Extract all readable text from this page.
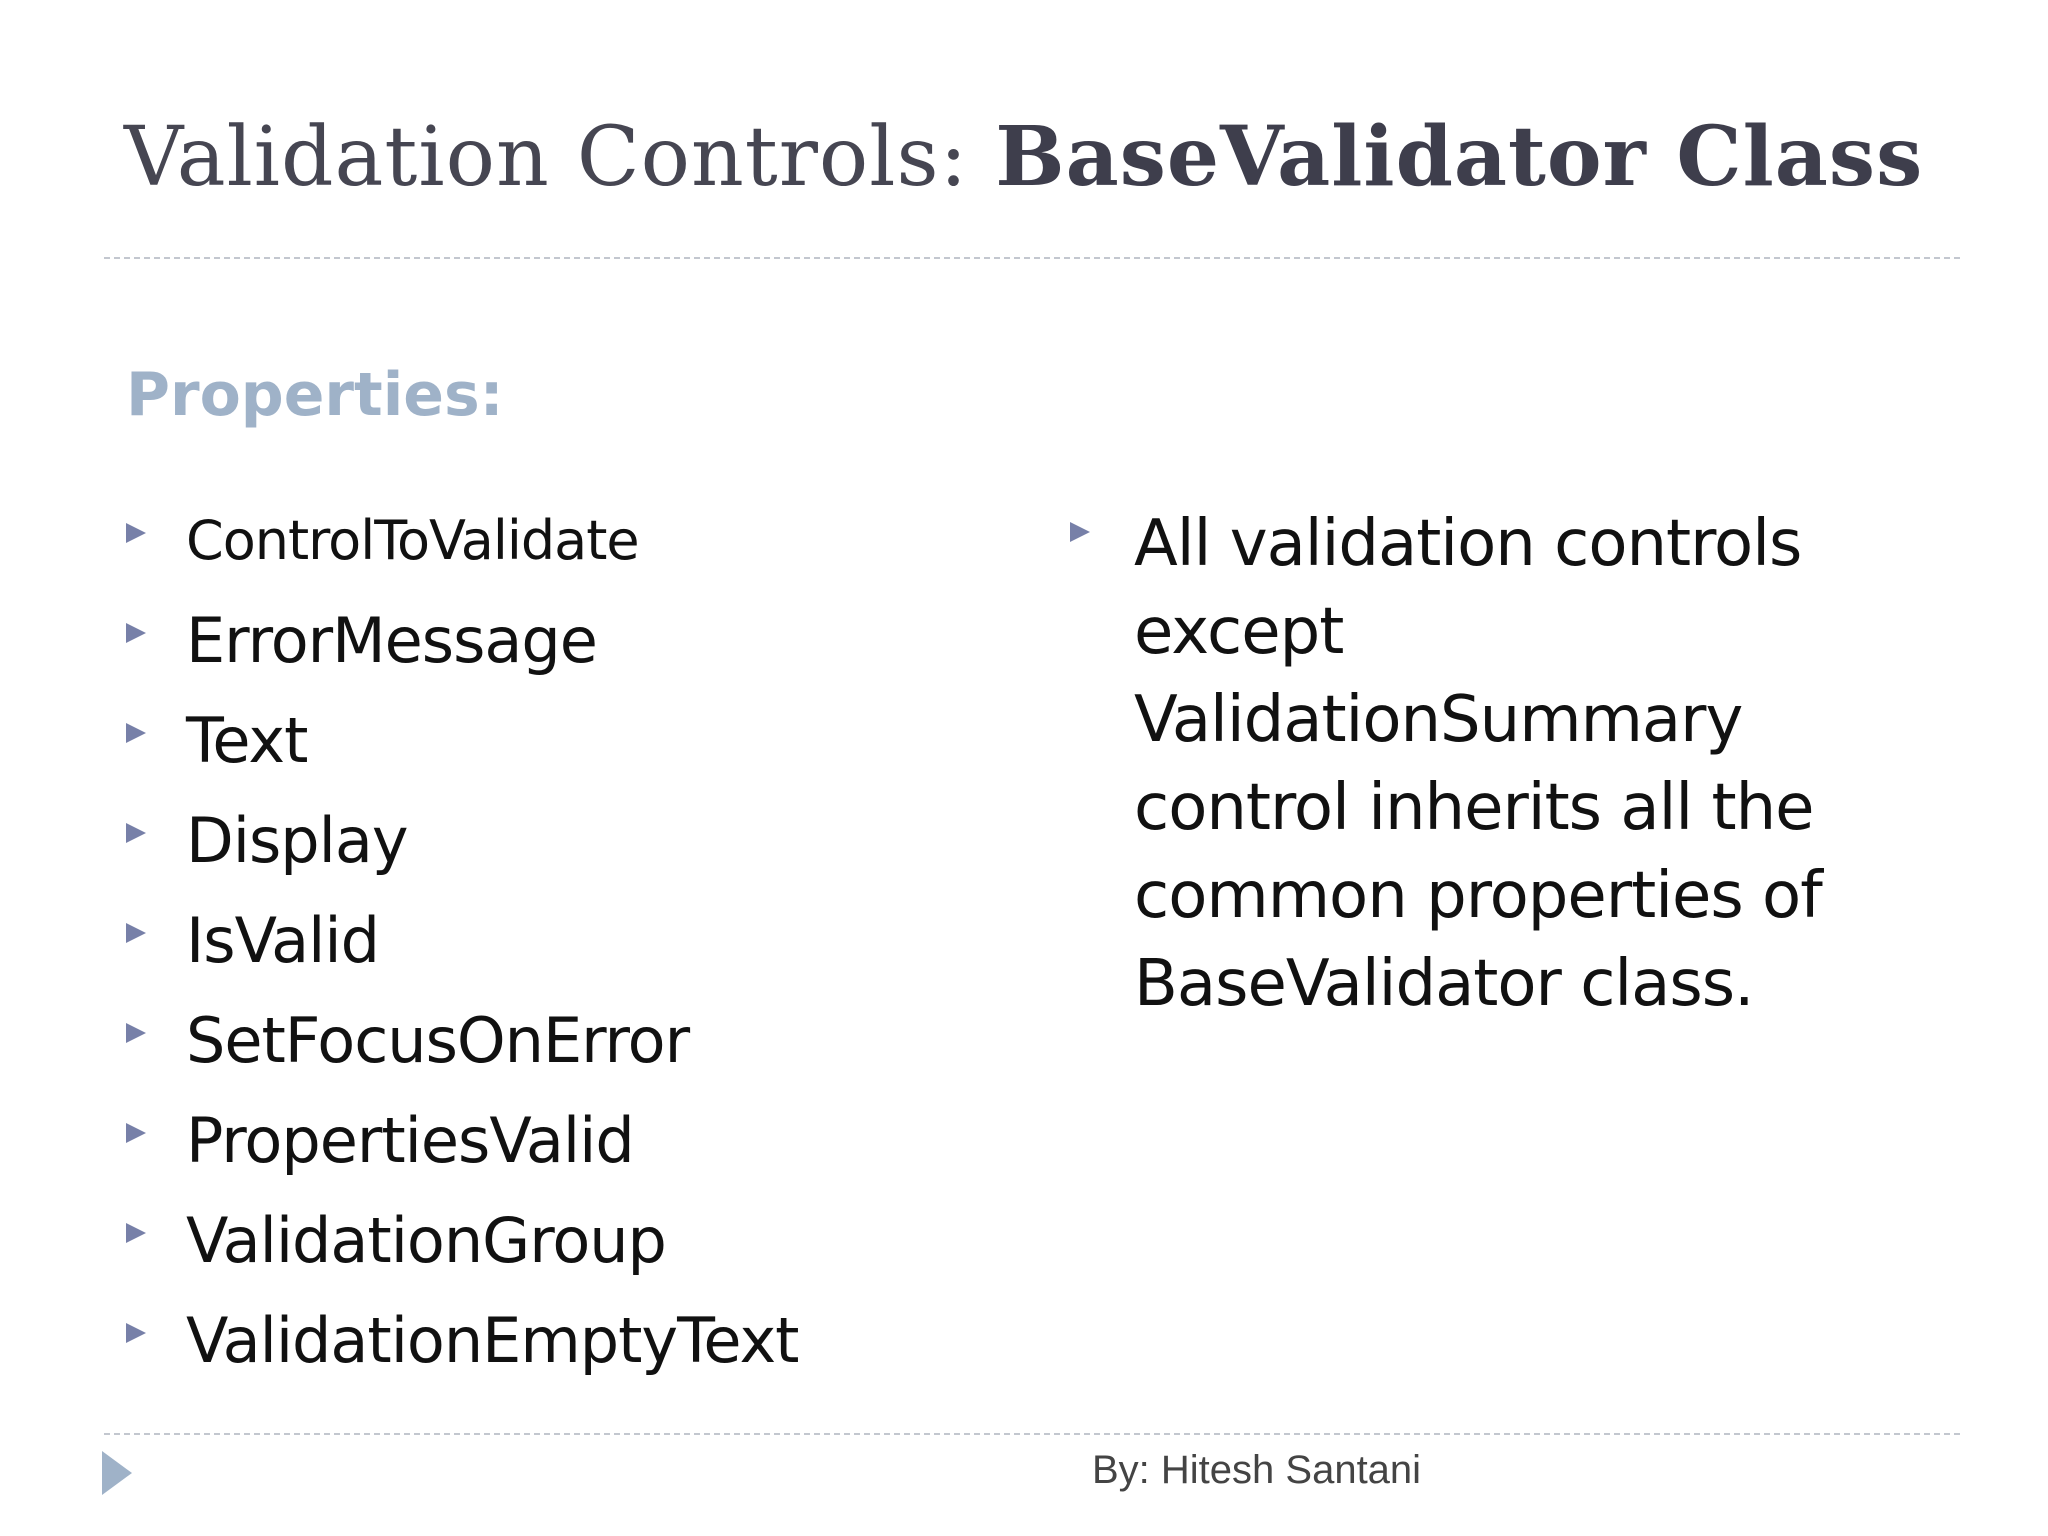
Validation Controls: BaseValidator Class
Properties:
ControlToValidate
ErrorMessage
Text
Display
IsValid
SetFocusOnError
PropertiesValid
ValidationGroup
ValidationEmptyText
All validation controls except ValidationSummary control inherits all the common properties of BaseValidator class.
By: Hitesh Santani
